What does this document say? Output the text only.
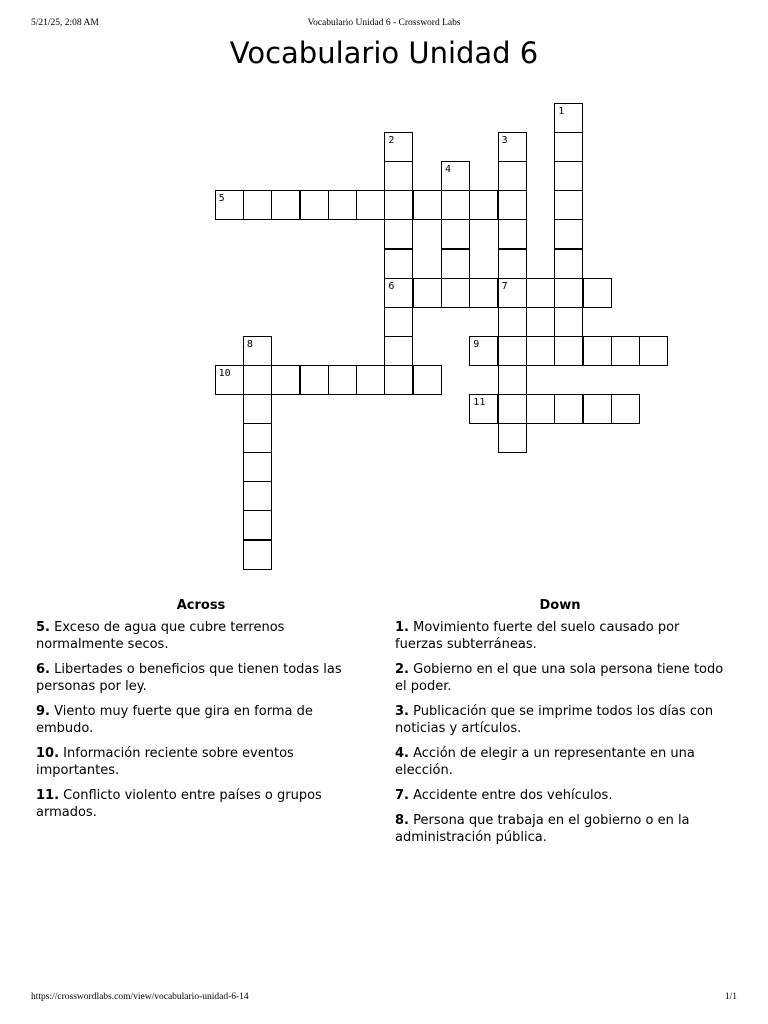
5/21/25, 2:08 AM	Vocabulario Unidad 6 - Crossword Labs
Vocabulario Unidad 6
1
2
6
3
7
4
5
8	9
10
11
Across
5. Exceso de agua que cubre terrenos normalmente secos.
6. Libertades o beneficios que tienen todas las personas por ley.
9. Viento muy fuerte que gira en forma de embudo.
10. Información reciente sobre eventos importantes.
11. Conflicto violento entre países o grupos armados.
Down
1. Movimiento fuerte del suelo causado por fuerzas subterráneas.
2. Gobierno en el que una sola persona tiene todo el poder.
3. Publicación que se imprime todos los días con noticias y artículos.
4. Acción de elegir a un representante en una elección.
7. Accidente entre dos vehículos.
8. Persona que trabaja en el gobierno o en la administración pública.
https://crosswordlabs.com/view/vocabulario-unidad-6-14	1/1
